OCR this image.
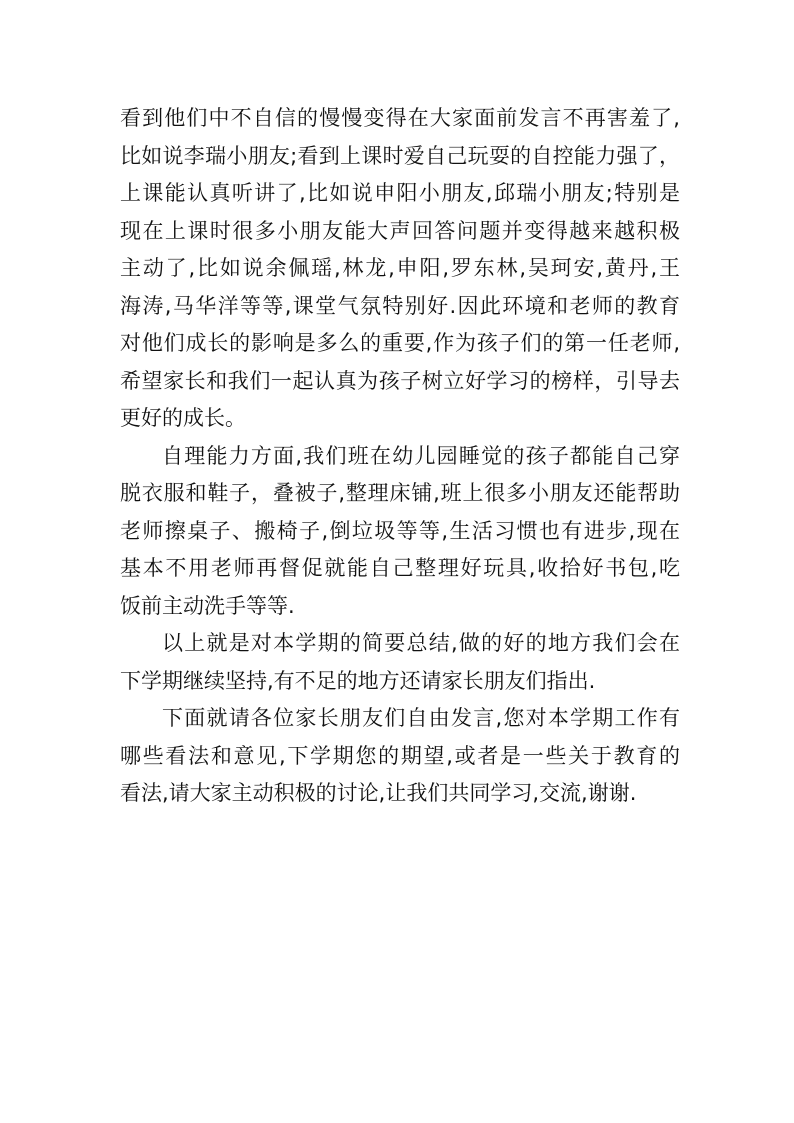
看到他们中不自信的慢慢变得在大家面前发言不再害羞了,
比如说李瑞小朋友;看到上课时爱自己玩耍的自控能力强了，
上课能认真听讲了,比如说申阳小朋友,邱瑞小朋友;特别是
现在上课时很多小朋友能大声回答问题并变得越来越积极
主动了,比如说余佩瑶,林龙,申阳,罗东林,吴珂安,黄丹,王
海涛,马华洋等等,课堂气氛特别好.因此环境和老师的教育
对他们成长的影响是多么的重要,作为孩子们的第一任老师,
希望家长和我们一起认真为孩子树立好学习的榜样，引导去
更好的成长。
自理能力方面,我们班在幼儿园睡觉的孩子都能自己穿
脱衣服和鞋子，叠被子,整理床铺,班上很多小朋友还能帮助
老师擦桌子、搬椅子,倒垃圾等等,生活习惯也有进步,现在
基本不用老师再督促就能自己整理好玩具,收拾好书包,吃
饭前主动洗手等等.
以上就是对本学期的简要总结,做的好的地方我们会在
下学期继续坚持,有不足的地方还请家长朋友们指出.
下面就请各位家长朋友们自由发言,您对本学期工作有
哪些看法和意见,下学期您的期望,或者是一些关于教育的
看法,请大家主动积极的讨论,让我们共同学习,交流,谢谢.
